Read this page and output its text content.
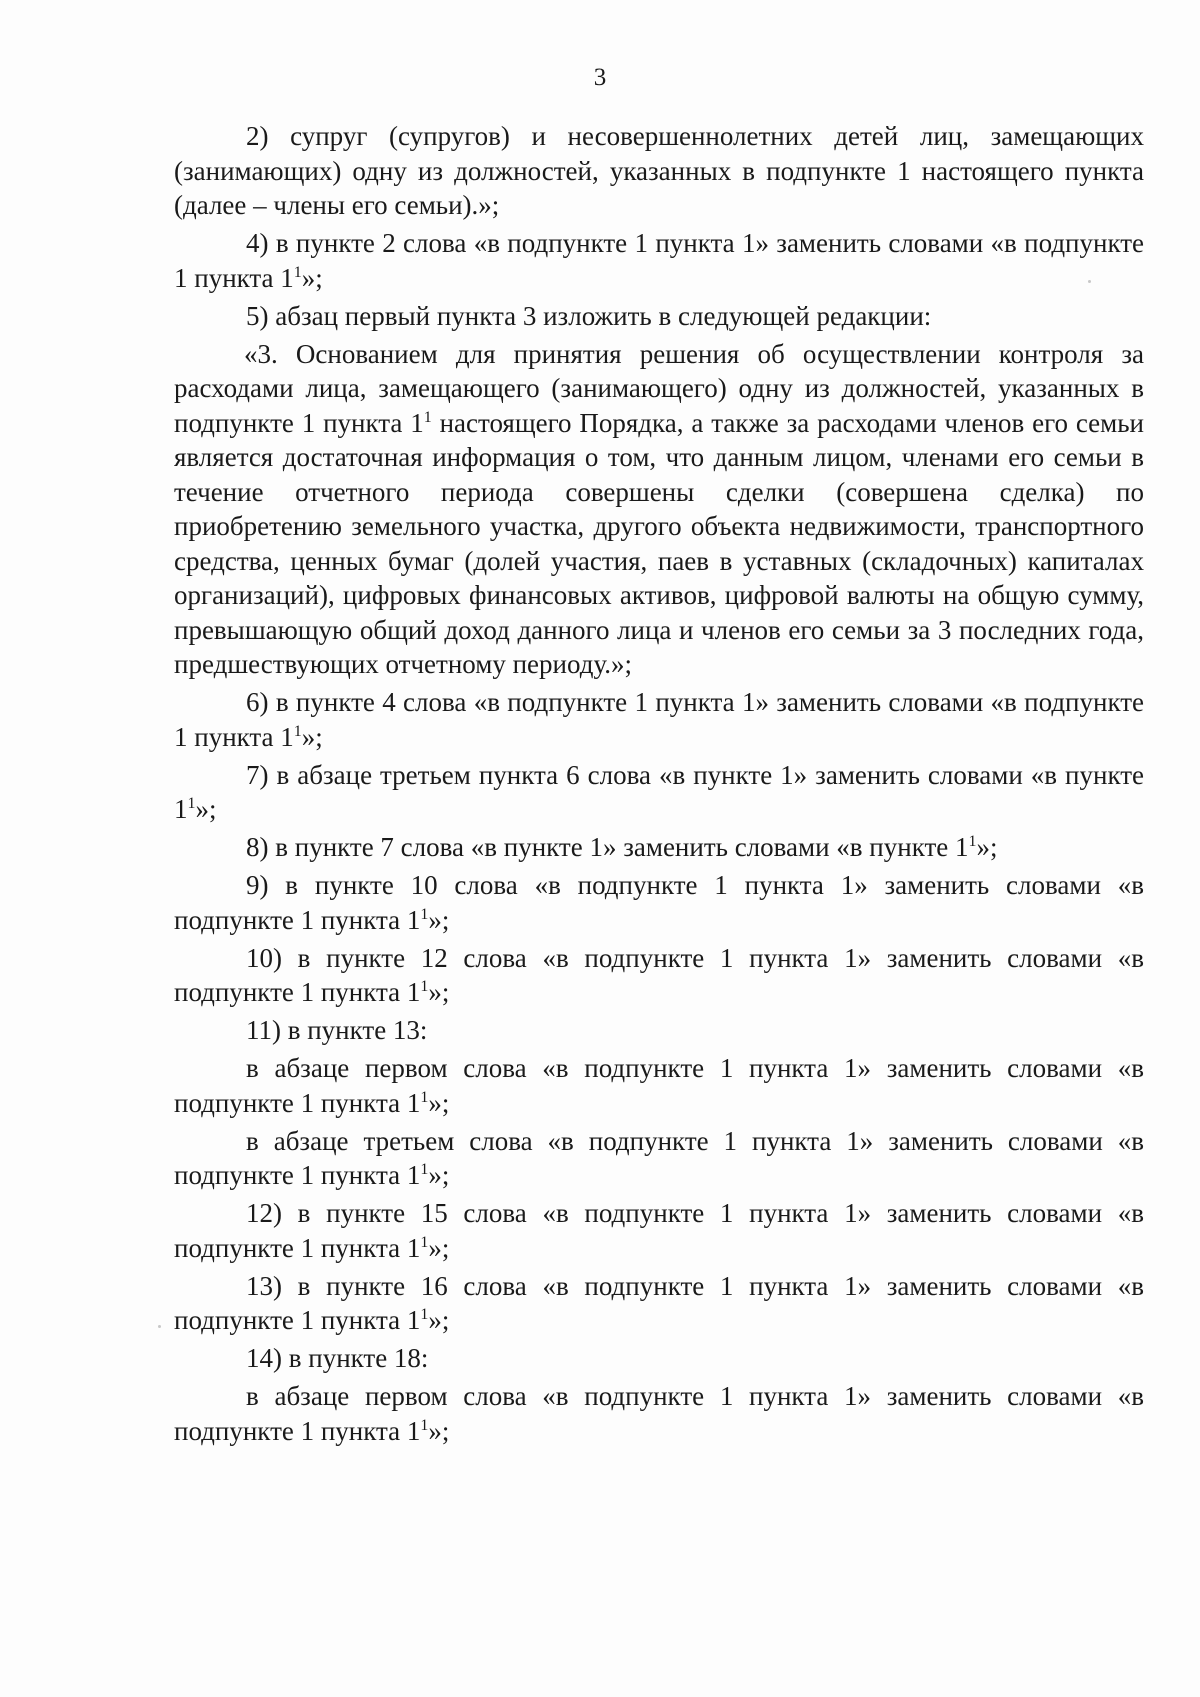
3

2) супруг (супругов) и несовершеннолетних детей лиц, замещающих (занимающих) одну из должностей, указанных в подпункте 1 настоящего пункта (далее – члены его семьи).»;

4) в пункте 2 слова «в подпункте 1 пункта 1» заменить словами «в подпункте 1 пункта $1^1$»;

5) абзац первый пункта 3 изложить в следующей редакции:

«3. Основанием для принятия решения об осуществлении контроля за расходами лица, замещающего (занимающего) одну из должностей, указанных в подпункте 1 пункта $1^1$ настоящего Порядка, а также за расходами членов его семьи является достаточная информация о том, что данным лицом, членами его семьи в течение отчетного периода совершены сделки (совершена сделка) по приобретению земельного участка, другого объекта недвижимости, транспортного средства, ценных бумаг (долей участия, паев в уставных (складочных) капиталах организаций), цифровых финансовых активов, цифровой валюты на общую сумму, превышающую общий доход данного лица и членов его семьи за 3 последних года, предшествующих отчетному периоду.»;

6) в пункте 4 слова «в подпункте 1 пункта 1» заменить словами «в подпункте 1 пункта $1^1$»;

7) в абзаце третьем пункта 6 слова «в пункте 1» заменить словами «в пункте $1^1$»;

8) в пункте 7 слова «в пункте 1» заменить словами «в пункте $1^1$»;

9) в пункте 10 слова «в подпункте 1 пункта 1» заменить словами «в подпункте 1 пункта $1^1$»;

10) в пункте 12 слова «в подпункте 1 пункта 1» заменить словами «в подпункте 1 пункта $1^1$»;

11) в пункте 13:

в абзаце первом слова «в подпункте 1 пункта 1» заменить словами «в подпункте 1 пункта $1^1$»;

в абзаце третьем слова «в подпункте 1 пункта 1» заменить словами «в подпункте 1 пункта $1^1$»;

12) в пункте 15 слова «в подпункте 1 пункта 1» заменить словами «в подпункте 1 пункта $1^1$»;

13) в пункте 16 слова «в подпункте 1 пункта 1» заменить словами «в подпункте 1 пункта $1^1$»;

14) в пункте 18:

в абзаце первом слова «в подпункте 1 пункта 1» заменить словами «в подпункте 1 пункта $1^1$»;
